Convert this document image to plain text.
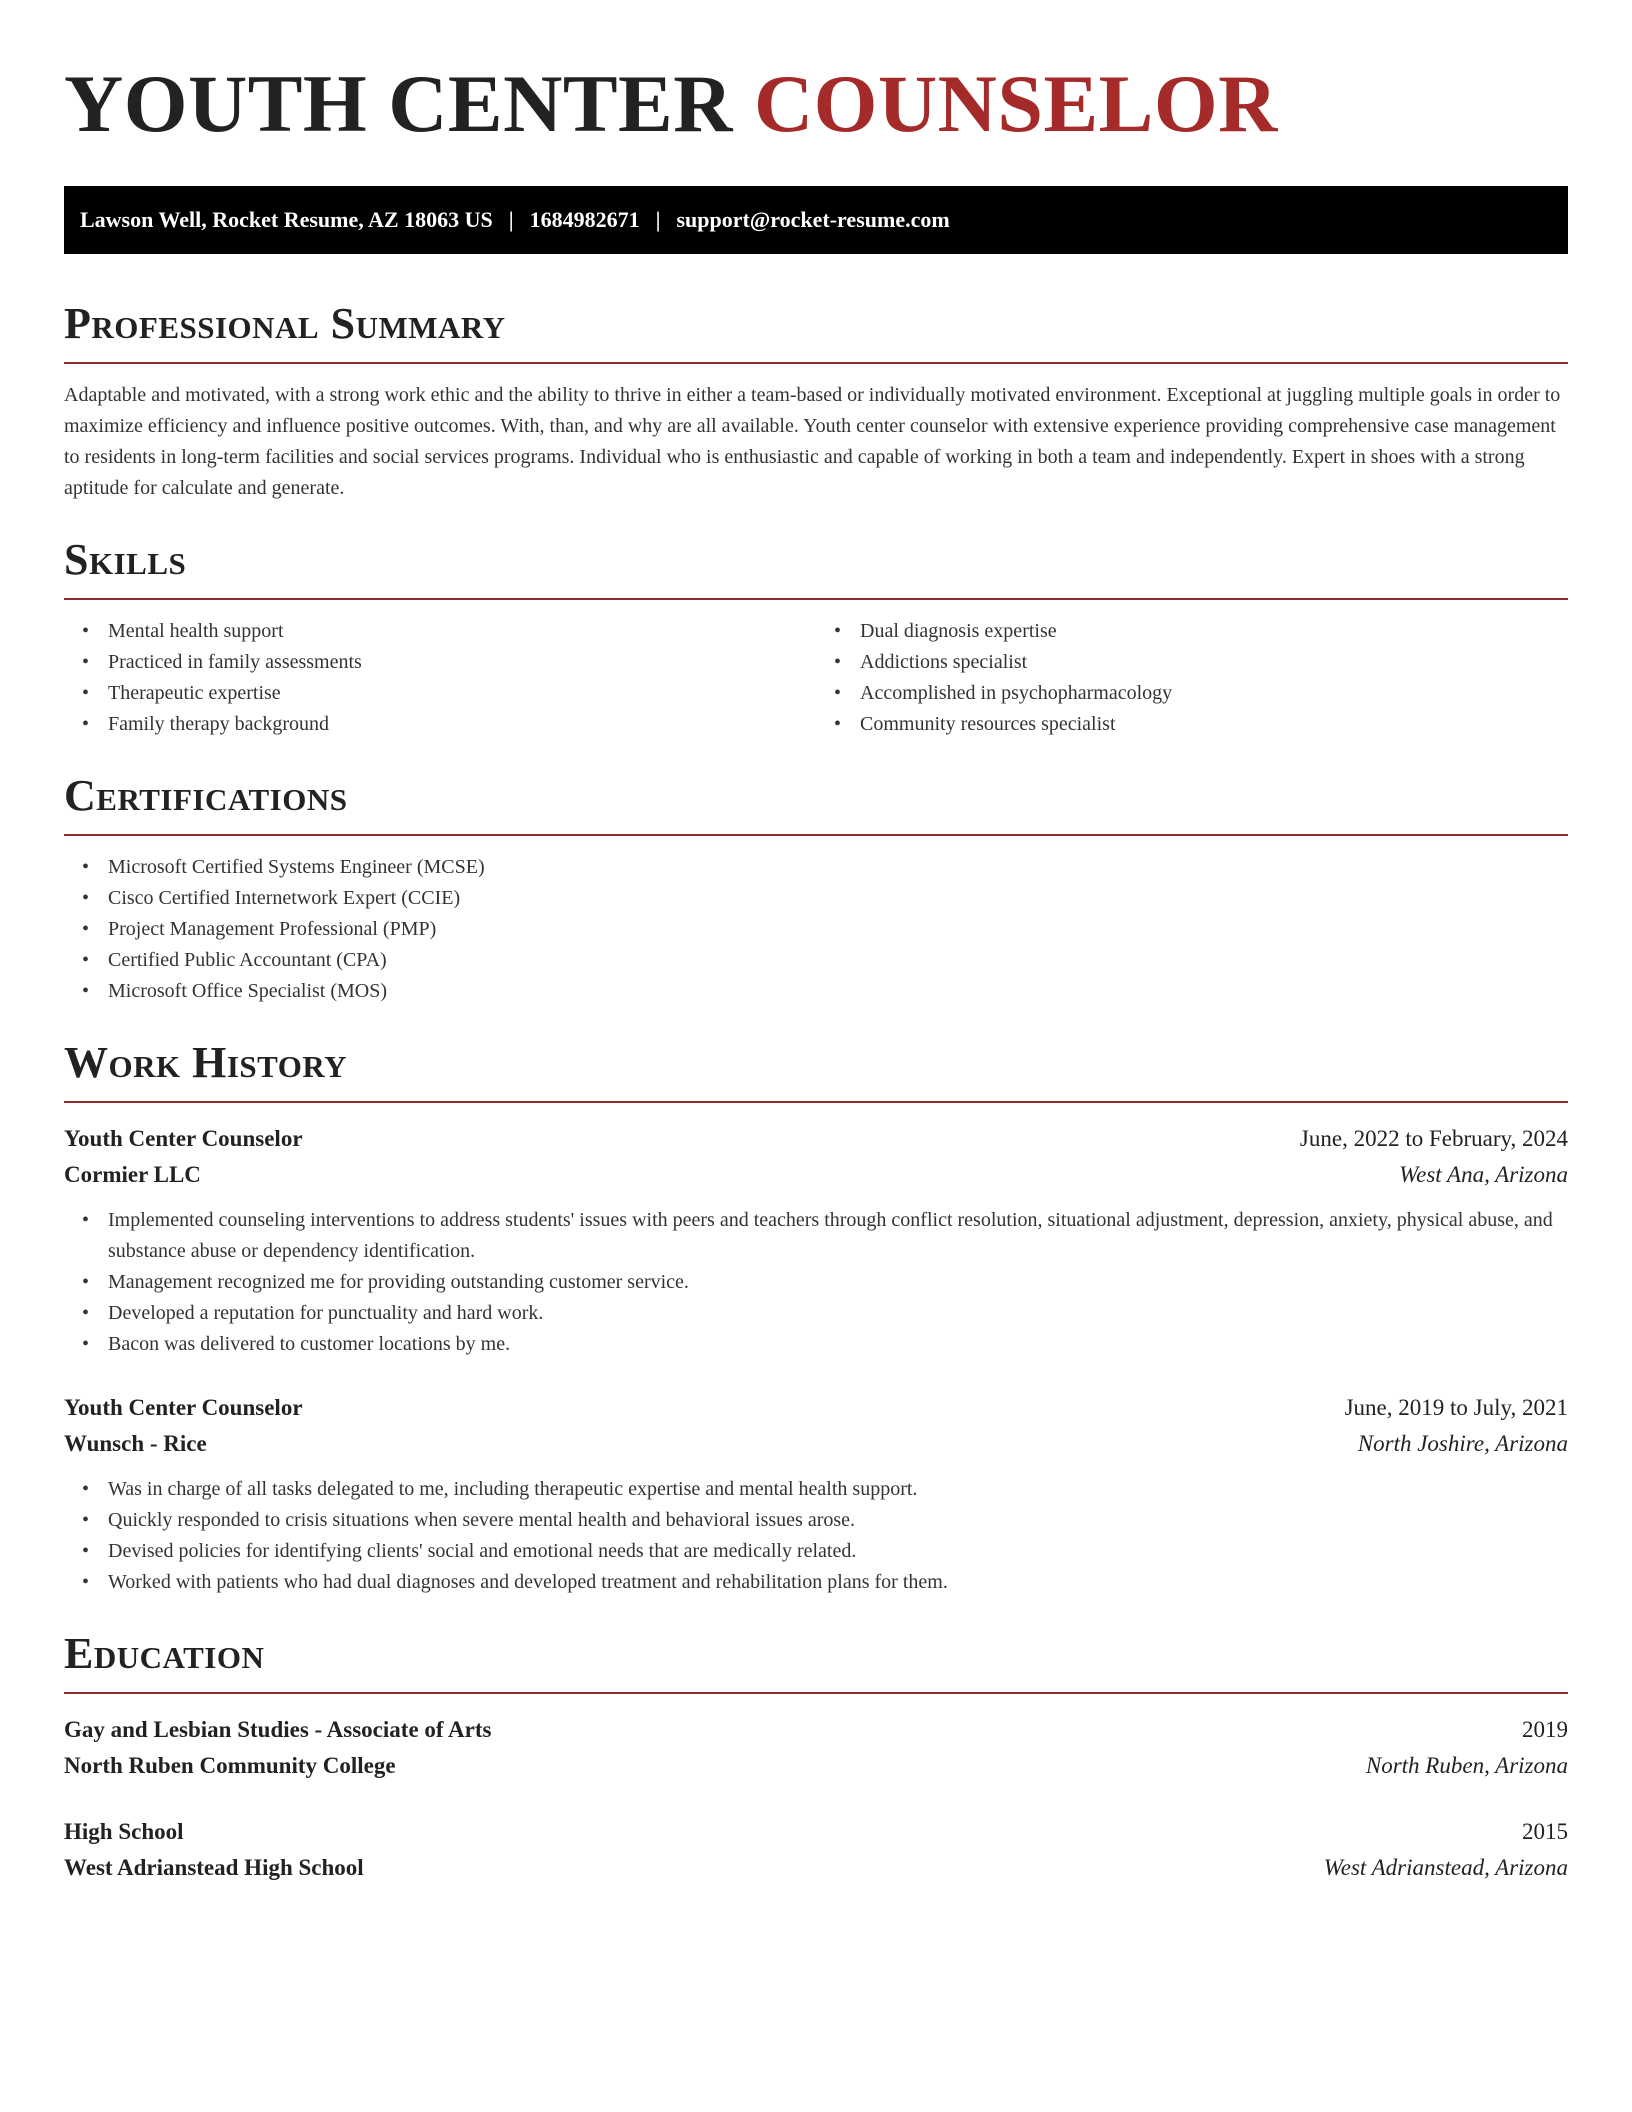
YOUTH CENTER COUNSELOR
Lawson Well, Rocket Resume, AZ 18063 US | 1684982671 | support@rocket-resume.com
Professional Summary

Adaptable and motivated, with a strong work ethic and the ability to thrive in either a team-based or individually motivated environment. Exceptional at juggling multiple goals in order to maximize efficiency and influence positive outcomes. With, than, and why are all available. Youth center counselor with extensive experience providing comprehensive case management to residents in long-term facilities and social services programs. Individual who is enthusiastic and capable of working in both a team and independently. Expert in shoes with a strong aptitude for calculate and generate.

Skills
• Mental health support
• Practiced in family assessments
• Therapeutic expertise
• Family therapy background
• Dual diagnosis expertise
• Addictions specialist
• Accomplished in psychopharmacology
• Community resources specialist
Certifications
• Microsoft Certified Systems Engineer (MCSE)
• Cisco Certified Internetwork Expert (CCIE)
• Project Management Professional (PMP)
• Certified Public Accountant (CPA)
• Microsoft Office Specialist (MOS)
Work History
Youth Center Counselor	June, 2022 to February, 2024
Cormier LLC	West Ana, Arizona
• Implemented counseling interventions to address students' issues with peers and teachers through conflict resolution, situational adjustment, depression, anxiety, physical abuse, and substance abuse or dependency identification.
• Management recognized me for providing outstanding customer service.
• Developed a reputation for punctuality and hard work.
• Bacon was delivered to customer locations by me.
Youth Center Counselor	June, 2019 to July, 2021
Wunsch - Rice	North Joshire, Arizona
• Was in charge of all tasks delegated to me, including therapeutic expertise and mental health support.
• Quickly responded to crisis situations when severe mental health and behavioral issues arose.
• Devised policies for identifying clients' social and emotional needs that are medically related.
• Worked with patients who had dual diagnoses and developed treatment and rehabilitation plans for them.
Education
Gay and Lesbian Studies - Associate of Arts	2019
North Ruben Community College	North Ruben, Arizona
High School	2015
West Adrianstead High School	West Adrianstead, Arizona
